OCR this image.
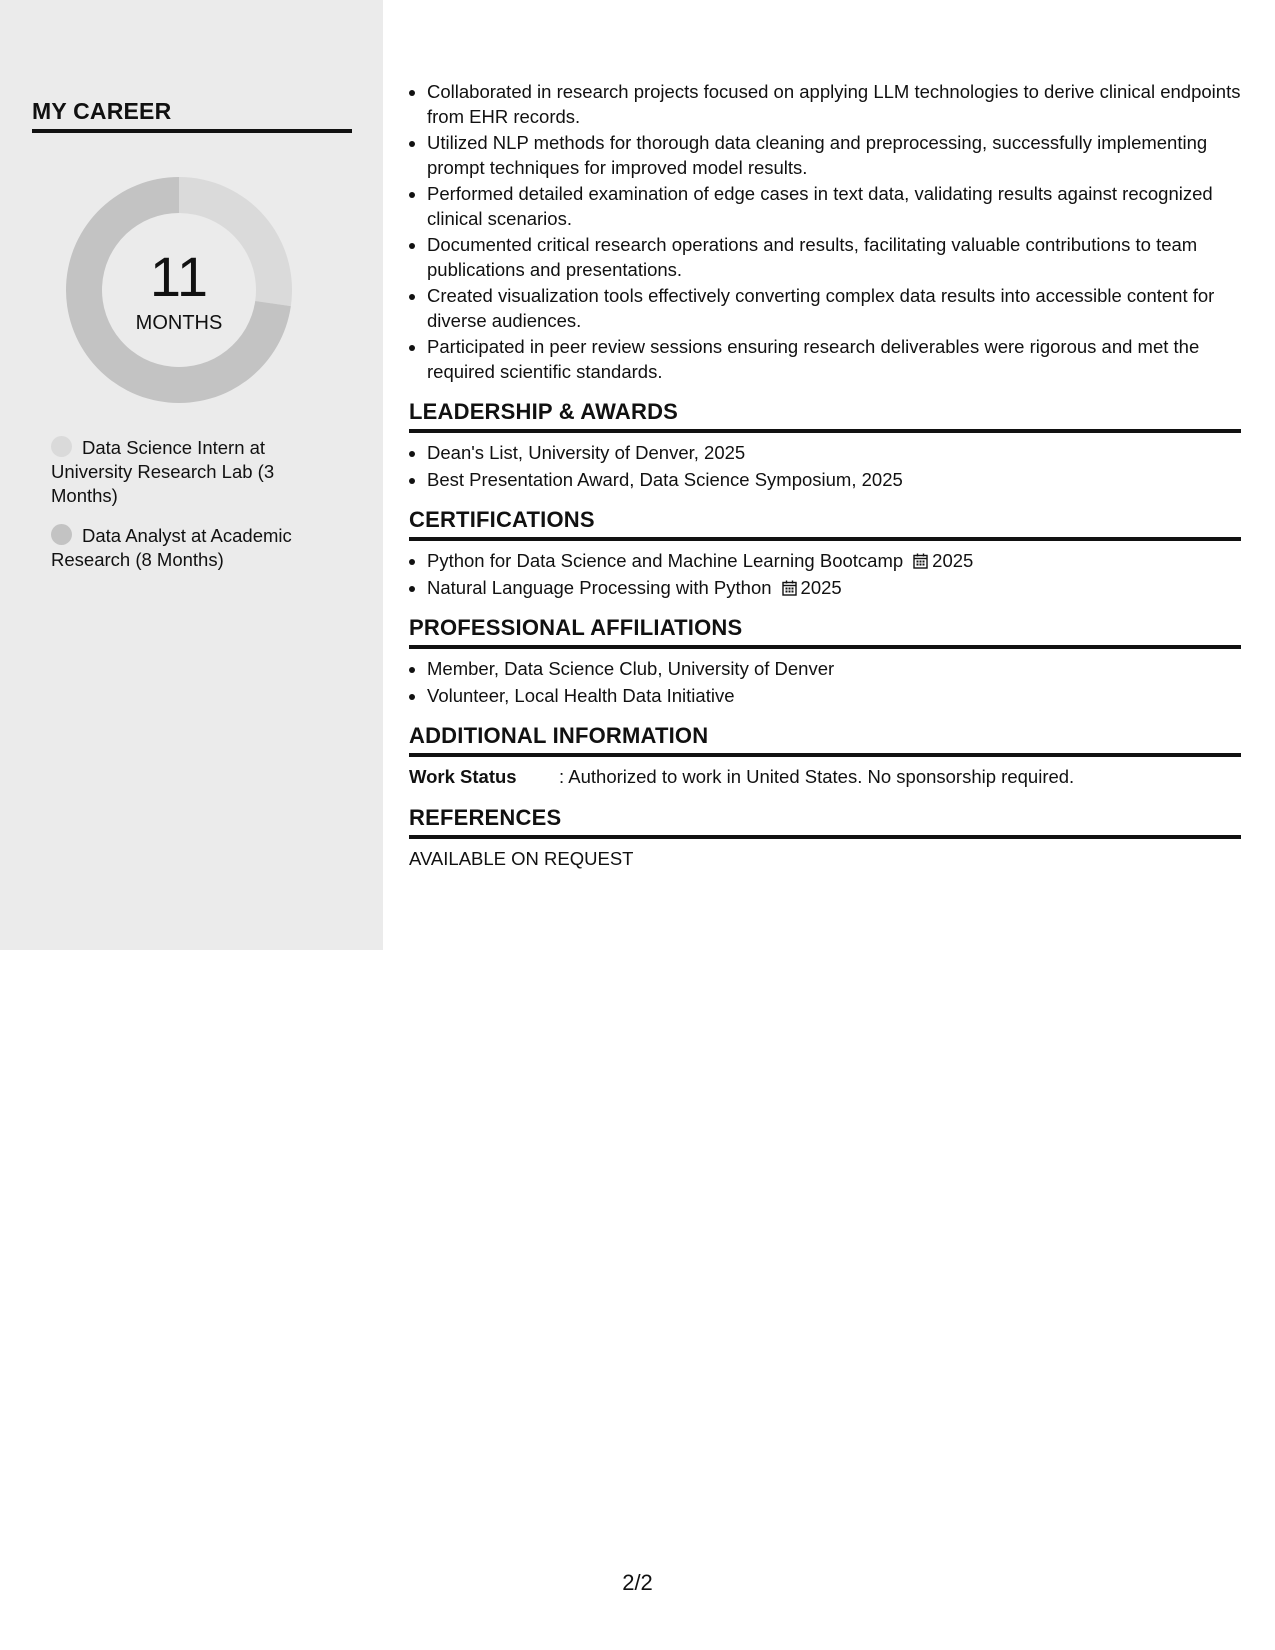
MY CAREER
11
MONTHS
Data Science Intern at University Research Lab (3 Months)
Data Analyst at Academic Research (8 Months)
• Collaborated in research projects focused on applying LLM technologies to derive clinical endpoints from EHR records.
• Utilized NLP methods for thorough data cleaning and preprocessing, successfully implementing prompt techniques for improved model results.
• Performed detailed examination of edge cases in text data, validating results against recognized clinical scenarios.
• Documented critical research operations and results, facilitating valuable contributions to team publications and presentations.
• Created visualization tools effectively converting complex data results into accessible content for diverse audiences.
• Participated in peer review sessions ensuring research deliverables were rigorous and met the required scientific standards.
LEADERSHIP & AWARDS
• Dean's List, University of Denver, 2025
• Best Presentation Award, Data Science Symposium, 2025
CERTIFICATIONS
• Python for Data Science and Machine Learning Bootcamp 2025
• Natural Language Processing with Python 2025
PROFESSIONAL AFFILIATIONS
• Member, Data Science Club, University of Denver
• Volunteer, Local Health Data Initiative
ADDITIONAL INFORMATION
Work Status	: Authorized to work in United States. No sponsorship required.
REFERENCES
AVAILABLE ON REQUEST
2/2
